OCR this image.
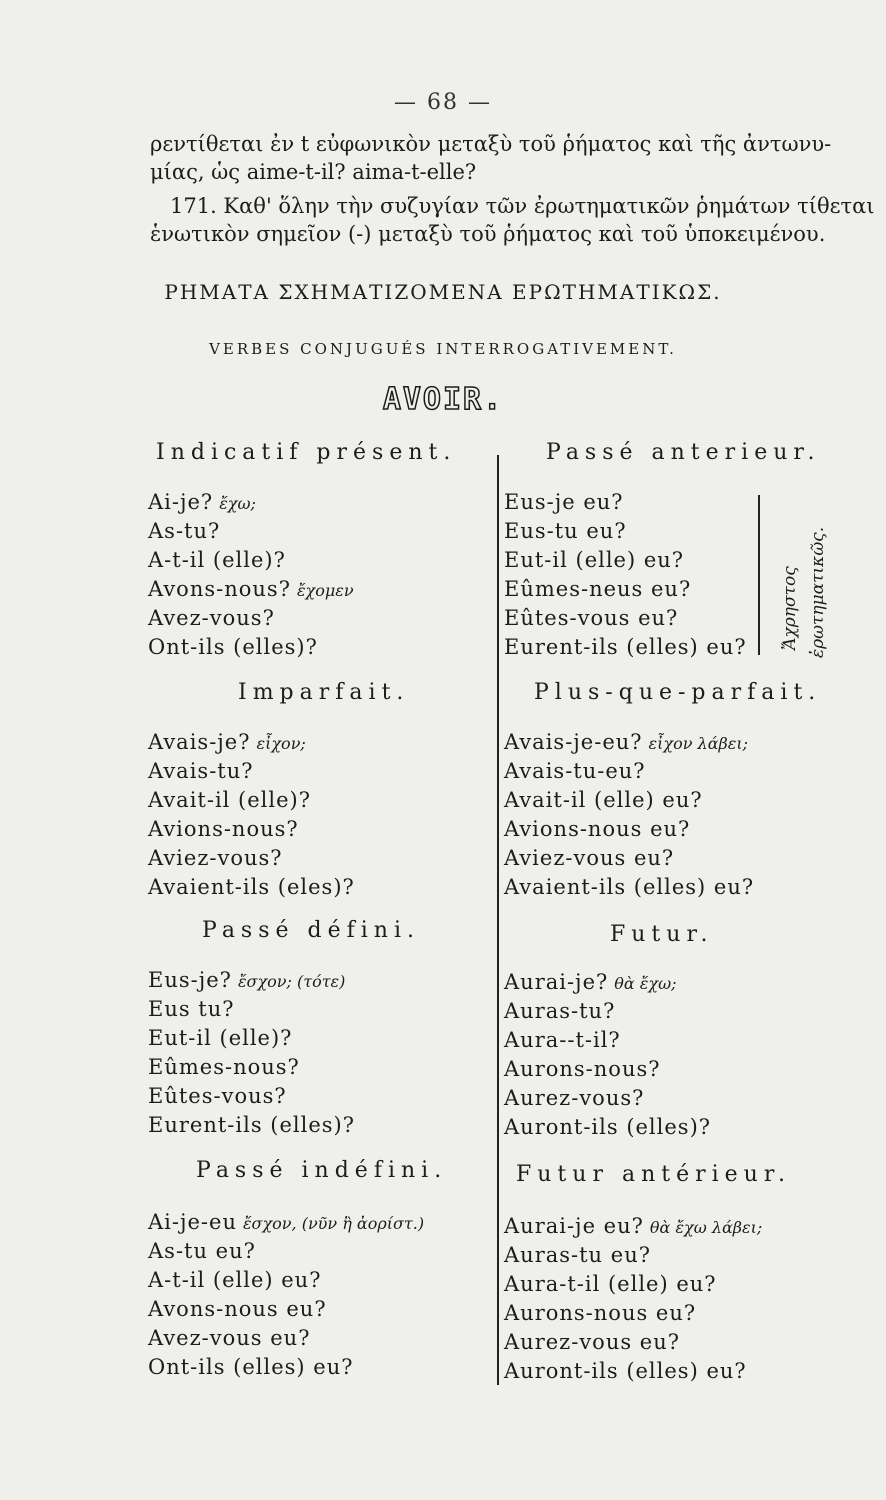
— 68 —
ρεντίθεται ἐν t εὐφωνικὸν μεταξὺ τοῦ ῥήματος καὶ τῆς ἀντωνυ-
μίας, ὡς aime-t-il? aima-t-elle?
171. Καθ' ὅλην τὴν συζυγίαν τῶν ἐρωτηματικῶν ῥημάτων τίθεται
ἑνωτικὸν σημεῖον (-) μεταξὺ τοῦ ῥήματος καὶ τοῦ ὑποκειμένου.
ΡΗΜΑΤΑ ΣΧΗΜΑΤΙΖΟΜΕΝΑ ΕΡΩΤΗΜΑΤΙΚΩΣ.
VERBES CONJUGUÉS INTERROGATIVEMENT.
AVOIR.
Indicatif présent.
Ai-je? ἔχω;
As-tu?
A-t-il (elle)?
Avons-nous? ἔχομεν
Avez-vous?
Ont-ils (elles)?
Imparfait.
Avais-je? εἶχον;
Avais-tu?
Avait-il (elle)?
Avions-nous?
Aviez-vous?
Avaient-ils (eles)?
Passé défini.
Eus-je? ἔσχον; (τότε)
Eus tu?
Eut-il (elle)?
Eûmes-nous?
Eûtes-vous?
Eurent-ils (elles)?
Passé indéfini.
Ai-je-eu ἔσχον, (νῦν ἢ ἀορίστ.)
As-tu eu?
A-t-il (elle) eu?
Avons-nous eu?
Avez-vous eu?
Ont-ils (elles) eu?
Passé anterieur.
Eus-je eu?
Eus-tu eu?
Eut-il (elle) eu?
Eûmes-neus eu?
Eûtes-vous eu?
Eurent-ils (elles) eu?
Plus-que-parfait.
Avais-je-eu? εἶχον λάβει;
Avais-tu-eu?
Avait-il (elle) eu?
Avions-nous eu?
Aviez-vous eu?
Avaient-ils (elles) eu?
Futur.
Aurai-je? θὰ ἔχω;
Auras-tu?
Aura--t-il?
Aurons-nous?
Aurez-vous?
Auront-ils (elles)?
Futur antérieur.
Aurai-je eu? θὰ ἔχω λάβει;
Auras-tu eu?
Aura-t-il (elle) eu?
Aurons-nous eu?
Aurez-vous eu?
Auront-ils (elles) eu?
Ἄχρηστος ἐρωτηματικῶς.
